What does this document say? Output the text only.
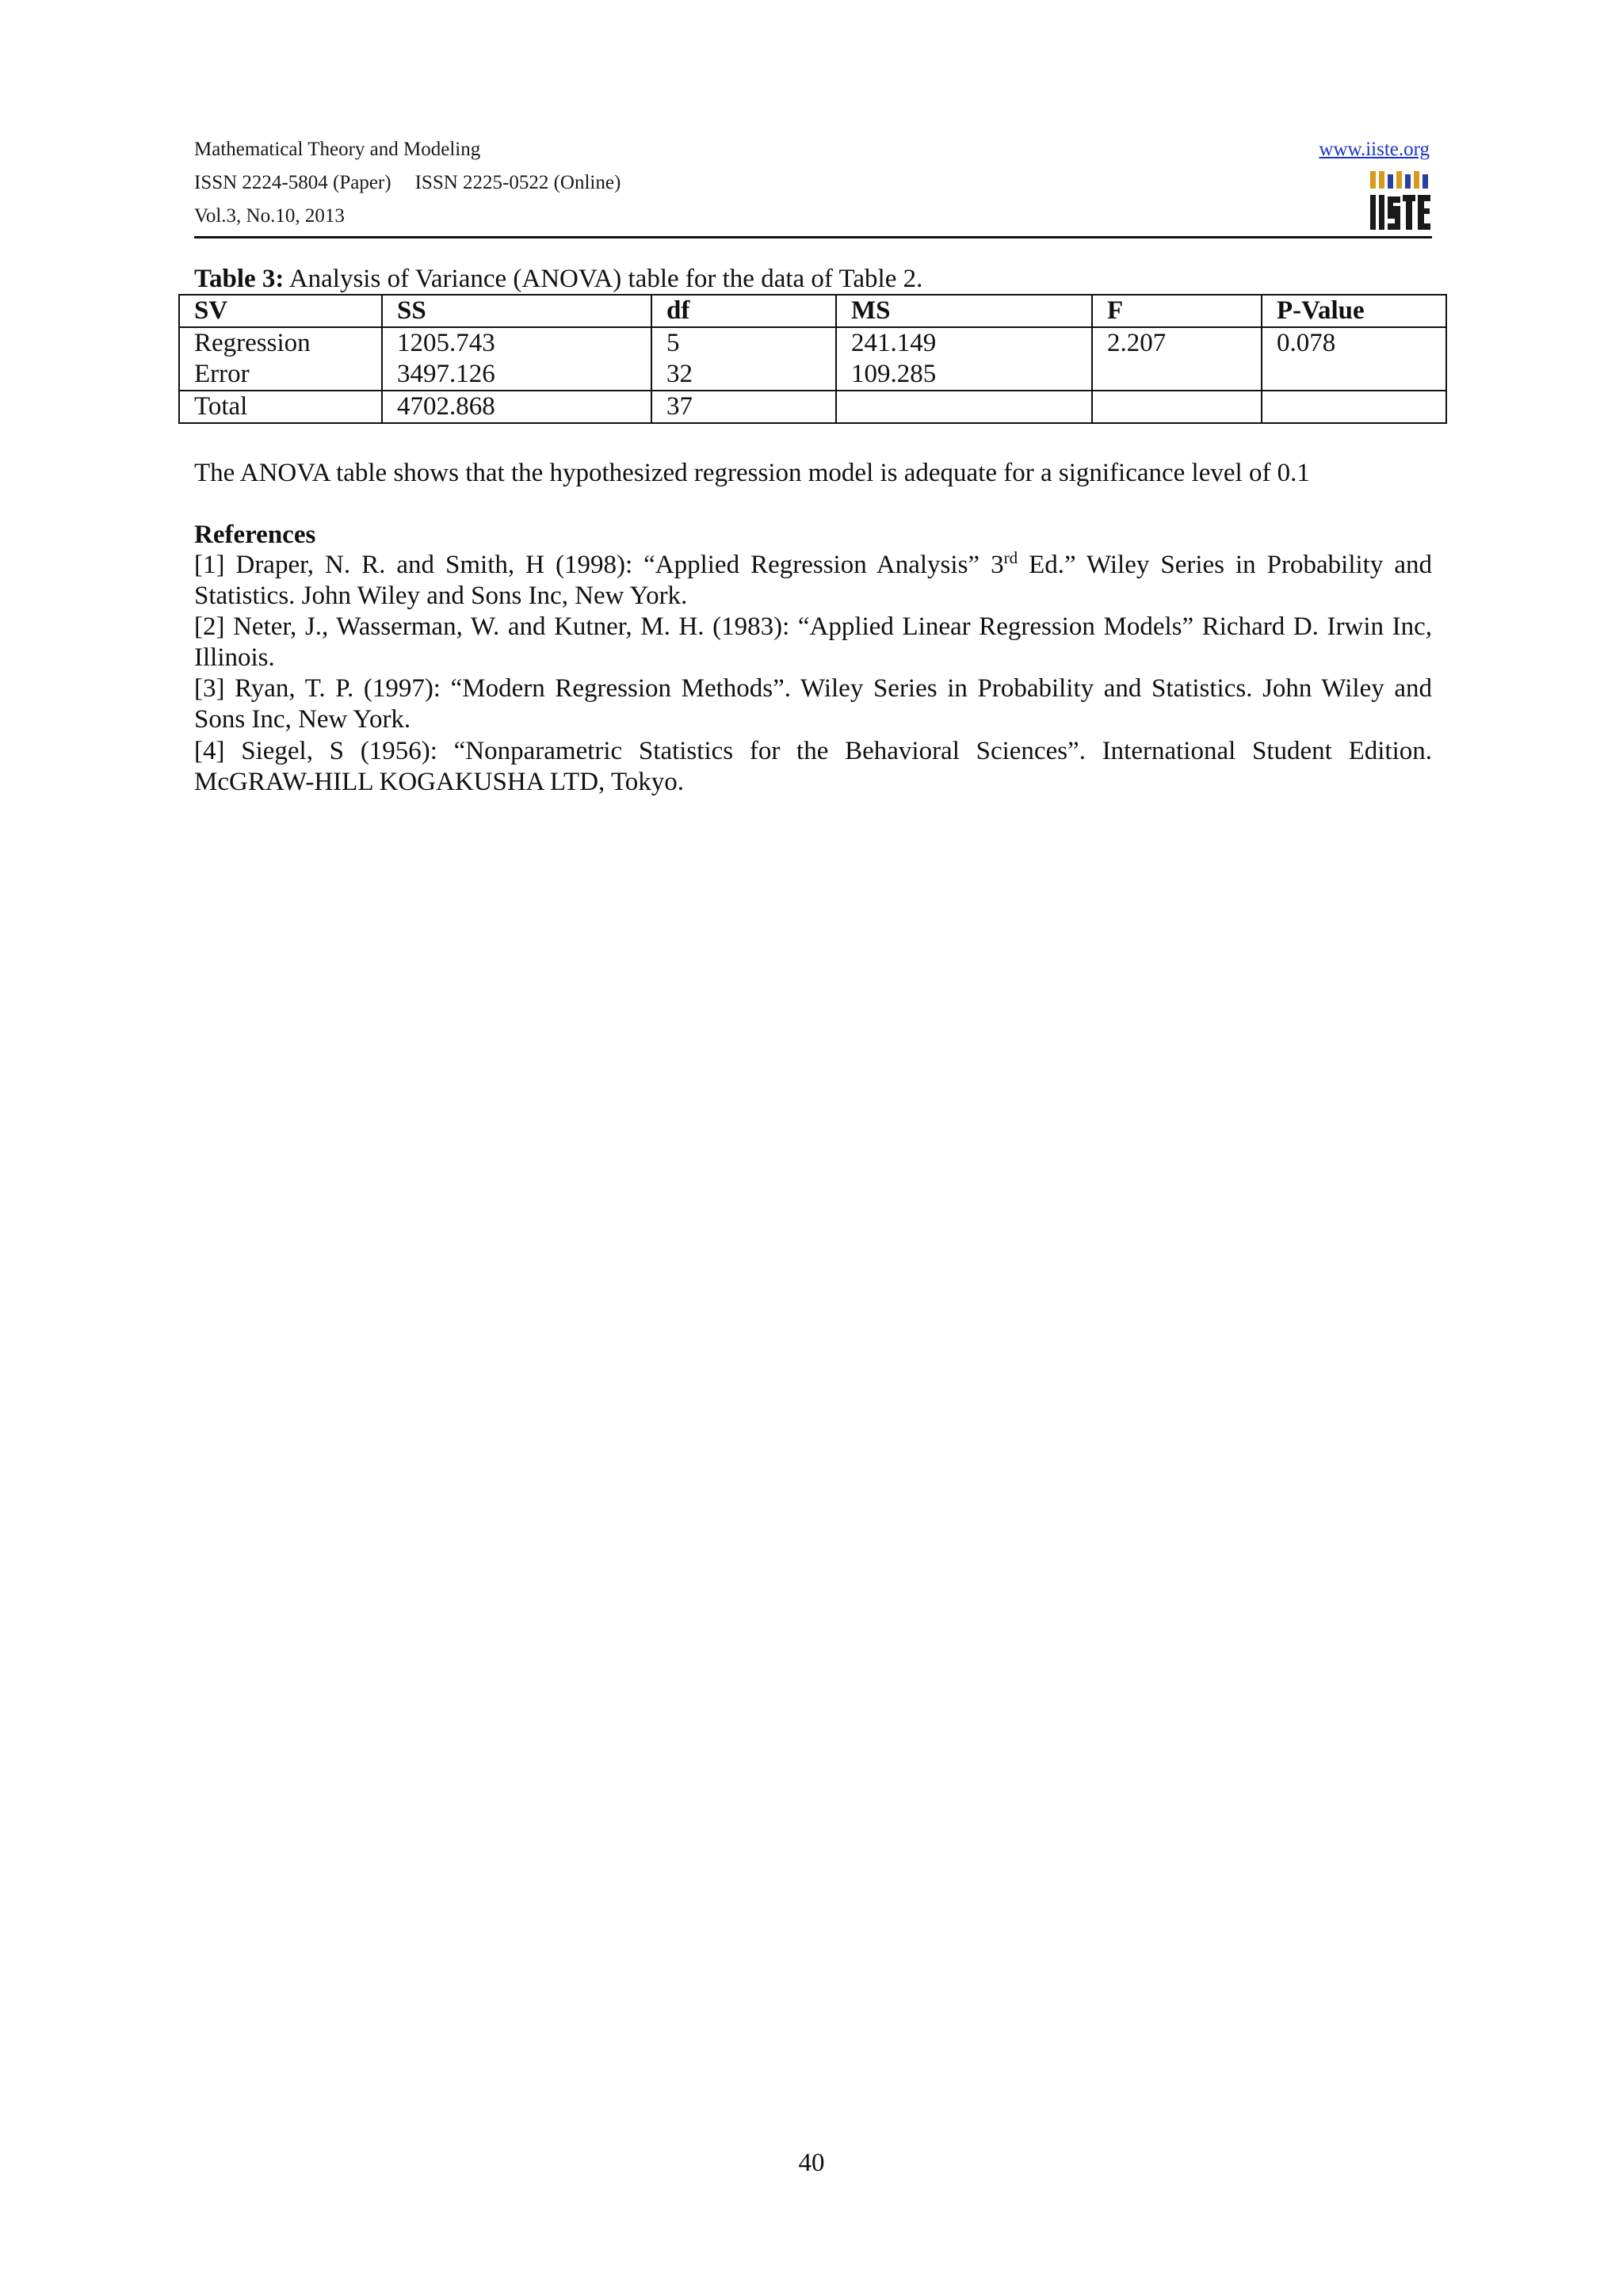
Mathematical Theory and Modeling
ISSN 2224-5804 (Paper) ISSN 2225-0522 (Online)
Vol.3, No.10, 2013
www.iiste.org
Table 3: Analysis of Variance (ANOVA) table for the data of Table 2.
SV	SS	df	MS	F	P-Value
Regression	1205.743	5	241.149	2.207	0.078
Error	3497.126	32	109.285		
Total	4702.868	37			
The ANOVA table shows that the hypothesized regression model is adequate for a significance level of 0.1
References
[1] Draper, N. R. and Smith, H (1998): “Applied Regression Analysis” 3rd Ed.” Wiley Series in Probability and Statistics. John Wiley and Sons Inc, New York.
[2] Neter, J., Wasserman, W. and Kutner, M. H. (1983): “Applied Linear Regression Models” Richard D. Irwin Inc, Illinois.
[3] Ryan, T. P. (1997): “Modern Regression Methods”. Wiley Series in Probability and Statistics. John Wiley and Sons Inc, New York.
[4] Siegel, S (1956): “Nonparametric Statistics for the Behavioral Sciences”. International Student Edition. McGRAW-HILL KOGAKUSHA LTD, Tokyo.
40
